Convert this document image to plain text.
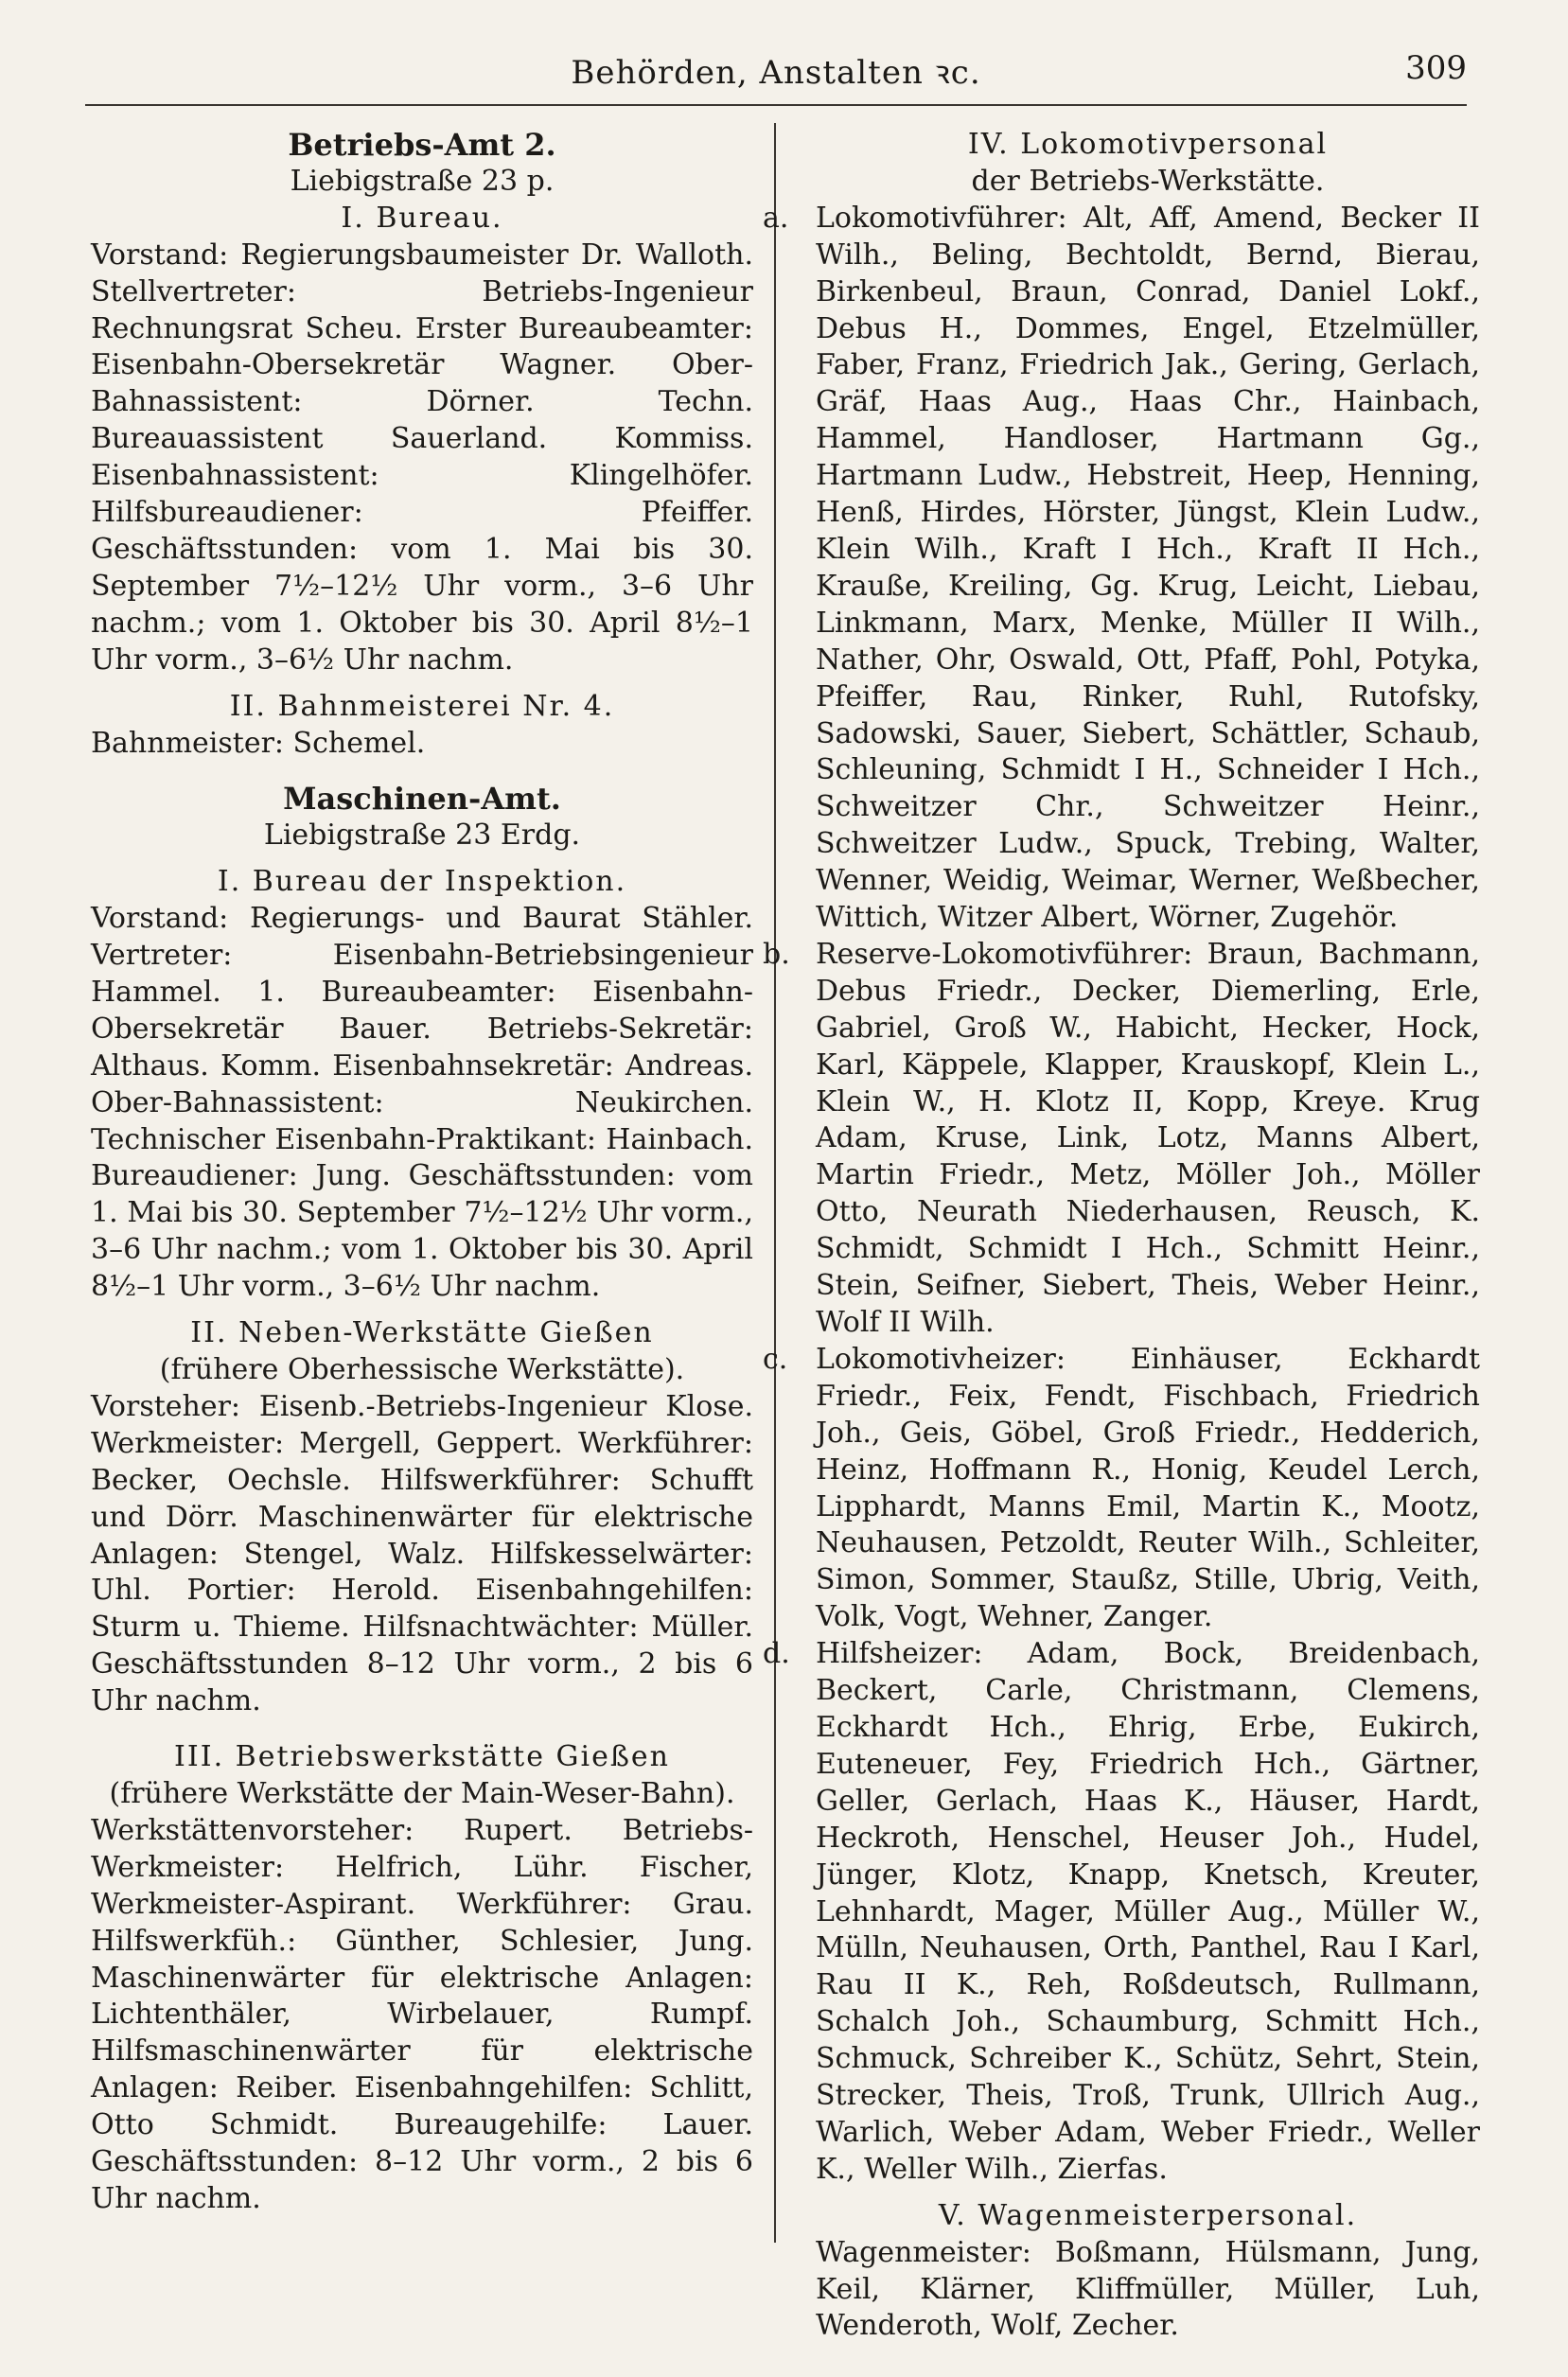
Behörden, Anstalten ꝛc.	309

Betriebs-Amt 2.

Liebigstraße 23 p.

I. Bureau.

Vorstand: Regierungsbaumeister Dr. Walloth. Stellvertreter: Betriebs-Ingenieur Rechnungsrat Scheu. Erster Bureaubeamter: Eisenbahn-Obersekretär Wagner. Ober-Bahnassistent: Dörner. Techn. Bureauassistent Sauerland. Kommiss. Eisenbahnassistent: Klingelhöfer. Hilfsbureaudiener: Pfeiffer. Geschäftsstunden: vom 1. Mai bis 30. September 7½–12½ Uhr vorm., 3–6 Uhr nachm.; vom 1. Oktober bis 30. April 8½–1 Uhr vorm., 3–6½ Uhr nachm.

II. Bahnmeisterei Nr. 4.

Bahnmeister: Schemel.

Maschinen-Amt.

Liebigstraße 23 Erdg.

I. Bureau der Inspektion.

Vorstand: Regierungs- und Baurat Stähler. Vertreter: Eisenbahn-Betriebsingenieur Hammel. 1. Bureaubeamter: Eisenbahn-Obersekretär Bauer. Betriebs-Sekretär: Althaus. Komm. Eisenbahnsekretär: Andreas. Ober-Bahnassistent: Neukirchen. Technischer Eisenbahn-Praktikant: Hainbach. Bureaudiener: Jung. Geschäftsstunden: vom 1. Mai bis 30. September 7½–12½ Uhr vorm., 3–6 Uhr nachm.; vom 1. Oktober bis 30. April 8½–1 Uhr vorm., 3–6½ Uhr nachm.

II. Neben-Werkstätte Gießen

(frühere Oberhessische Werkstätte).

Vorsteher: Eisenb.-Betriebs-Ingenieur Klose. Werkmeister: Mergell, Geppert. Werkführer: Becker, Oechsle. Hilfswerkführer: Schufft und Dörr. Maschinenwärter für elektrische Anlagen: Stengel, Walz. Hilfskesselwärter: Uhl. Portier: Herold. Eisenbahngehilfen: Sturm u. Thieme. Hilfsnachtwächter: Müller. Geschäftsstunden 8–12 Uhr vorm., 2 bis 6 Uhr nachm.

III. Betriebswerkstätte Gießen

(frühere Werkstätte der Main-Weser-Bahn).

Werkstättenvorsteher: Rupert. Betriebs-Werkmeister: Helfrich, Lühr. Fischer, Werkmeister-Aspirant. Werkführer: Grau. Hilfswerkfüh.: Günther, Schlesier, Jung. Maschinenwärter für elektrische Anlagen: Lichtenthäler, Wirbelauer, Rumpf. Hilfsmaschinenwärter für elektrische Anlagen: Reiber. Eisenbahngehilfen: Schlitt, Otto Schmidt. Bureaugehilfe: Lauer. Geschäftsstunden: 8–12 Uhr vorm., 2 bis 6 Uhr nachm.

IV. Lokomotivpersonal

der Betriebs-Werkstätte.

a. Lokomotivführer: Alt, Aff, Amend, Becker II Wilh., Beling, Bechtoldt, Bernd, Bierau, Birkenbeul, Braun, Conrad, Daniel Lokf., Debus H., Dommes, Engel, Etzelmüller, Faber, Franz, Friedrich Jak., Gering, Gerlach, Gräf, Haas Aug., Haas Chr., Hainbach, Hammel, Handloser, Hartmann Gg., Hartmann Ludw., Hebstreit, Heep, Henning, Henß, Hirdes, Hörster, Jüngst, Klein Ludw., Klein Wilh., Kraft I Hch., Kraft II Hch., Krauße, Kreiling, Gg. Krug, Leicht, Liebau, Linkmann, Marx, Menke, Müller II Wilh., Nather, Ohr, Oswald, Ott, Pfaff, Pohl, Potyka, Pfeiffer, Rau, Rinker, Ruhl, Rutofsky, Sadowski, Sauer, Siebert, Schättler, Schaub, Schleuning, Schmidt I H., Schneider I Hch., Schweitzer Chr., Schweitzer Heinr., Schweitzer Ludw., Spuck, Trebing, Walter, Wenner, Weidig, Weimar, Werner, Weßbecher, Wittich, Witzer Albert, Wörner, Zugehör.
b. Reserve-Lokomotivführer: Braun, Bachmann, Debus Friedr., Decker, Diemerling, Erle, Gabriel, Groß W., Habicht, Hecker, Hock, Karl, Käppele, Klapper, Krauskopf, Klein L., Klein W., H. Klotz II, Kopp, Kreye. Krug Adam, Kruse, Link, Lotz, Manns Albert, Martin Friedr., Metz, Möller Joh., Möller Otto, Neurath Niederhausen, Reusch, K. Schmidt, Schmidt I Hch., Schmitt Heinr., Stein, Seifner, Siebert, Theis, Weber Heinr., Wolf II Wilh.
c. Lokomotivheizer: Einhäuser, Eckhardt Friedr., Feix, Fendt, Fischbach, Friedrich Joh., Geis, Göbel, Groß Friedr., Hedderich, Heinz, Hoffmann R., Honig, Keudel Lerch, Lipphardt, Manns Emil, Martin K., Mootz, Neuhausen, Petzoldt, Reuter Wilh., Schleiter, Simon, Sommer, Staußz, Stille, Ubrig, Veith, Volk, Vogt, Wehner, Zanger.
d. Hilfsheizer: Adam, Bock, Breidenbach, Beckert, Carle, Christmann, Clemens, Eckhardt Hch., Ehrig, Erbe, Eukirch, Euteneuer, Fey, Friedrich Hch., Gärtner, Geller, Gerlach, Haas K., Häuser, Hardt, Heckroth, Henschel, Heuser Joh., Hudel, Jünger, Klotz, Knapp, Knetsch, Kreuter, Lehnhardt, Mager, Müller Aug., Müller W., Mülln, Neuhausen, Orth, Panthel, Rau I Karl, Rau II K., Reh, Roßdeutsch, Rullmann, Schalch Joh., Schaumburg, Schmitt Hch., Schmuck, Schreiber K., Schütz, Sehrt, Stein, Strecker, Theis, Troß, Trunk, Ullrich Aug., Warlich, Weber Adam, Weber Friedr., Weller K., Weller Wilh., Zierfas.

V. Wagenmeisterpersonal.

Wagenmeister: Boßmann, Hülsmann, Jung, Keil, Klärner, Kliffmüller, Müller, Luh, Wenderoth, Wolf, Zecher.
